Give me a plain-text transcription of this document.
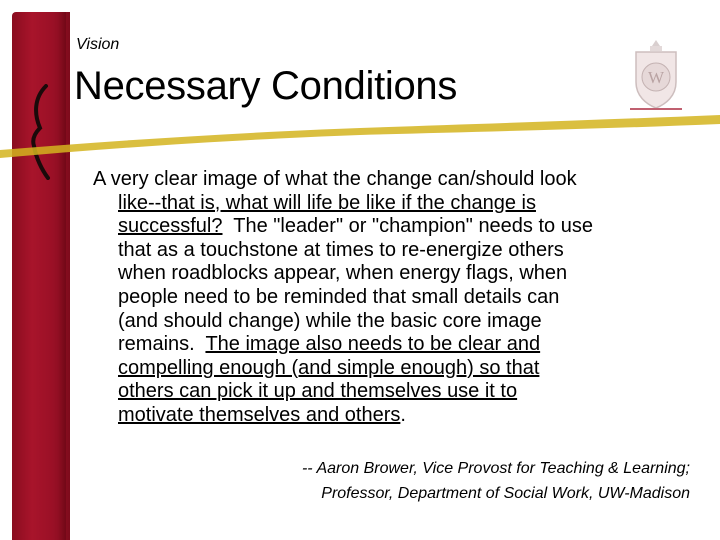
Vision
Necessary Conditions	W
A very clear image of what the change can/should look
like--that is, what will life be like if the change is
successful?  The "leader" or "champion" needs to use
that as a touchstone at times to re-energize others
when roadblocks appear, when energy flags, when
people need to be reminded that small details can
(and should change) while the basic core image
remains.  The image also needs to be clear and
compelling enough (and simple enough) so that
others can pick it up and themselves use it to
motivate themselves and others.
-- Aaron Brower, Vice Provost for Teaching & Learning;
Professor, Department of Social Work, UW-Madison
